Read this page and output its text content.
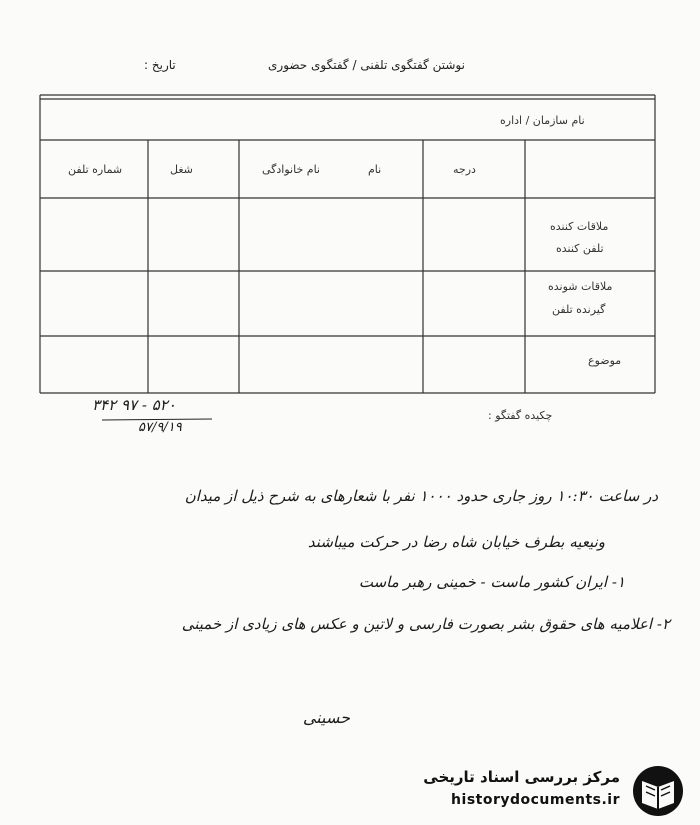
نوشتن گفتگوی تلفنی / گفتگوی حضوری
تاریخ :
نام سازمان / اداره
درجه
نام
نام خانوادگی
شغل
شماره تلفن
ملاقات کننده
تلفن کننده
ملاقات شونده
گیرنده تلفن
موضوع
چکیده گفتگو :
۵۲۰ - ۹۷ ۳۴۲
۵۷/۹/۱۹
در ساعت ۱۰:۳۰ روز جاری حدود ۱۰۰۰ نفر با شعارهای به شرح ذیل از میدان
ونیعیه بطرف خیابان شاه رضا در حرکت میباشند
۱- ایران کشور ماست - خمینی رهبر ماست
۲- اعلامیه های حقوق بشر بصورت فارسی و لاتین و عکس های زیادی از خمینی
حسینی
مرکز بررسی اسناد تاریخی
historydocuments.ir
